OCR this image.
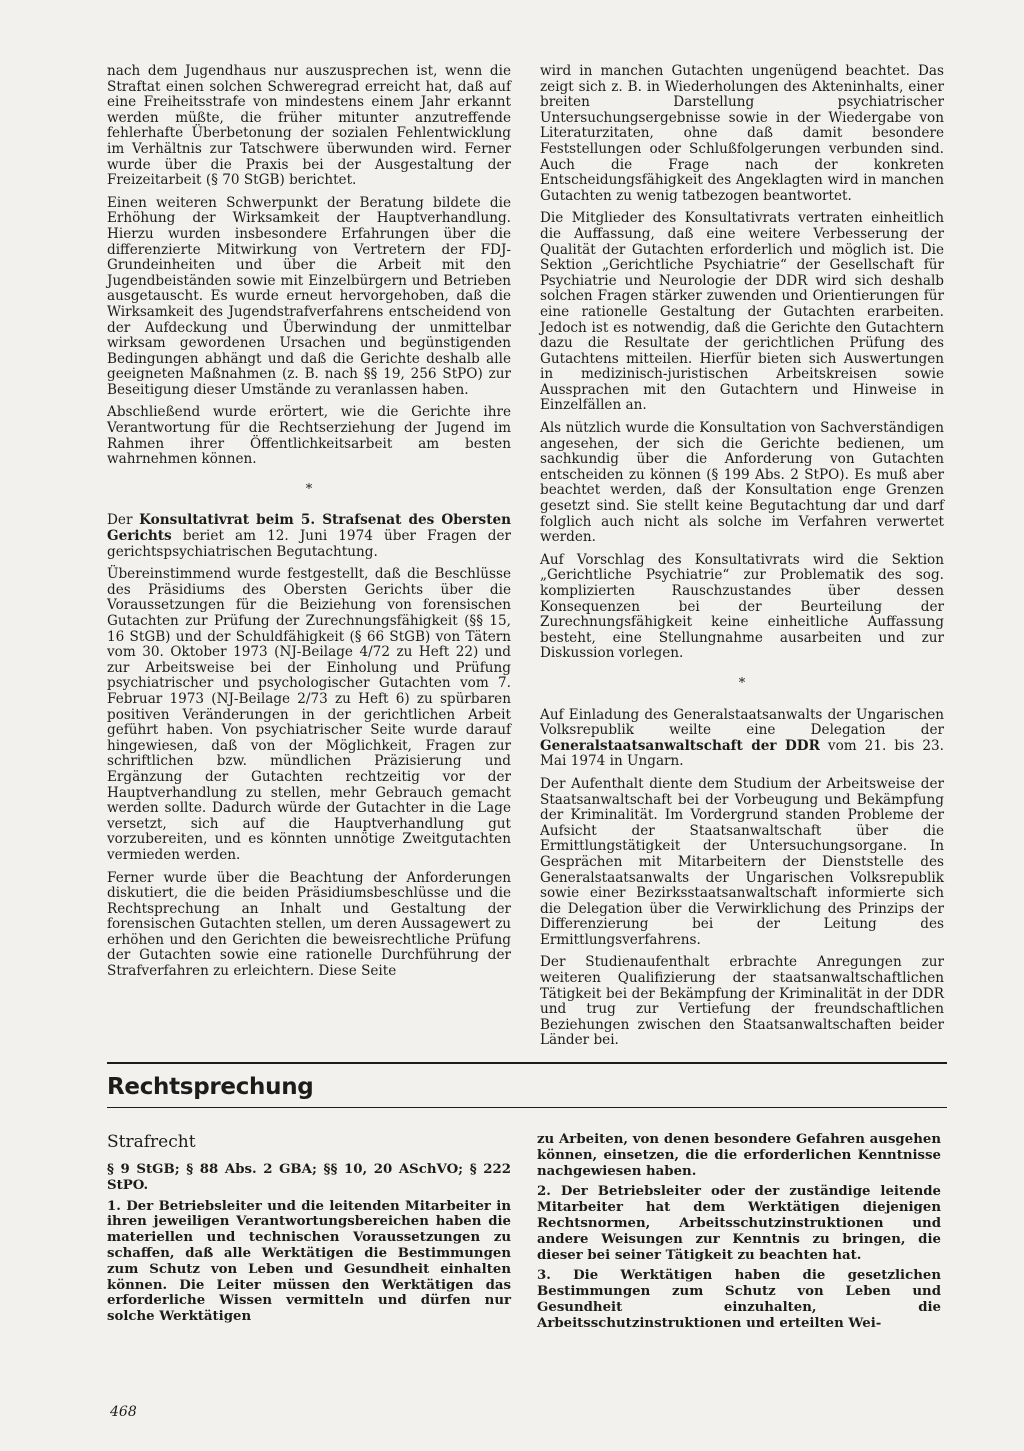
nach dem Jugendhaus nur auszusprechen ist, wenn die Straftat einen solchen Schweregrad erreicht hat, daß auf eine Freiheitsstrafe von mindestens einem Jahr erkannt werden müßte, die früher mitunter anzutreffende fehlerhafte Überbetonung der sozialen Fehlentwicklung im Verhältnis zur Tatschwere überwunden wird. Ferner wurde über die Praxis bei der Ausgestaltung der Freizeitarbeit (§ 70 StGB) berichtet.

Einen weiteren Schwerpunkt der Beratung bildete die Erhöhung der Wirksamkeit der Hauptverhandlung. Hierzu wurden insbesondere Erfahrungen über die differenzierte Mitwirkung von Vertretern der FDJ-Grundeinheiten und über die Arbeit mit den Jugendbeiständen sowie mit Einzelbürgern und Betrieben ausgetauscht. Es wurde erneut hervorgehoben, daß die Wirksamkeit des Jugendstrafverfahrens entscheidend von der Aufdeckung und Überwindung der unmittelbar wirksam gewordenen Ursachen und begünstigenden Bedingungen abhängt und daß die Gerichte deshalb alle geeigneten Maßnahmen (z. B. nach §§ 19, 256 StPO) zur Beseitigung dieser Umstände zu veranlassen haben.

Abschließend wurde erörtert, wie die Gerichte ihre Verantwortung für die Rechtserziehung der Jugend im Rahmen ihrer Öffentlichkeitsarbeit am besten wahrnehmen können.

*

Der Konsultativrat beim 5. Strafsenat des Obersten Gerichts beriet am 12. Juni 1974 über Fragen der gerichtspsychiatrischen Begutachtung.

Übereinstimmend wurde festgestellt, daß die Beschlüsse des Präsidiums des Obersten Gerichts über die Voraussetzungen für die Beiziehung von forensischen Gutachten zur Prüfung der Zurechnungsfähigkeit (§§ 15, 16 StGB) und der Schuldfähigkeit (§ 66 StGB) von Tätern vom 30. Oktober 1973 (NJ-Beilage 4/72 zu Heft 22) und zur Arbeitsweise bei der Einholung und Prüfung psychiatrischer und psychologischer Gutachten vom 7. Februar 1973 (NJ-Beilage 2/73 zu Heft 6) zu spürbaren positiven Veränderungen in der gerichtlichen Arbeit geführt haben. Von psychiatrischer Seite wurde darauf hingewiesen, daß von der Möglichkeit, Fragen zur schriftlichen bzw. mündlichen Präzisierung und Ergänzung der Gutachten rechtzeitig vor der Hauptverhandlung zu stellen, mehr Gebrauch gemacht werden sollte. Dadurch würde der Gutachter in die Lage versetzt, sich auf die Hauptverhandlung gut vorzubereiten, und es könnten unnötige Zweitgutachten vermieden werden.

Ferner wurde über die Beachtung der Anforderungen diskutiert, die die beiden Präsidiumsbeschlüsse und die Rechtsprechung an Inhalt und Gestaltung der forensischen Gutachten stellen, um deren Aussagewert zu erhöhen und den Gerichten die beweisrechtliche Prüfung der Gutachten sowie eine rationelle Durchführung der Strafverfahren zu erleichtern. Diese Seite

wird in manchen Gutachten ungenügend beachtet. Das zeigt sich z. B. in Wiederholungen des Akteninhalts, einer breiten Darstellung psychiatrischer Untersuchungsergebnisse sowie in der Wiedergabe von Literaturzitaten, ohne daß damit besondere Feststellungen oder Schlußfolgerungen verbunden sind. Auch die Frage nach der konkreten Entscheidungsfähigkeit des Angeklagten wird in manchen Gutachten zu wenig tatbezogen beantwortet.

Die Mitglieder des Konsultativrats vertraten einheitlich die Auffassung, daß eine weitere Verbesserung der Qualität der Gutachten erforderlich und möglich ist. Die Sektion „Gerichtliche Psychiatrie“ der Gesellschaft für Psychiatrie und Neurologie der DDR wird sich deshalb solchen Fragen stärker zuwenden und Orientierungen für eine rationelle Gestaltung der Gutachten erarbeiten. Jedoch ist es notwendig, daß die Gerichte den Gutachtern dazu die Resultate der gerichtlichen Prüfung des Gutachtens mitteilen. Hierfür bieten sich Auswertungen in medizinisch-juristischen Arbeitskreisen sowie Aussprachen mit den Gutachtern und Hinweise in Einzelfällen an.

Als nützlich wurde die Konsultation von Sachverständigen angesehen, der sich die Gerichte bedienen, um sachkundig über die Anforderung von Gutachten entscheiden zu können (§ 199 Abs. 2 StPO). Es muß aber beachtet werden, daß der Konsultation enge Grenzen gesetzt sind. Sie stellt keine Begutachtung dar und darf folglich auch nicht als solche im Verfahren verwertet werden.

Auf Vorschlag des Konsultativrats wird die Sektion „Gerichtliche Psychiatrie“ zur Problematik des sog. komplizierten Rauschzustandes über dessen Konsequenzen bei der Beurteilung der Zurechnungsfähigkeit keine einheitliche Auffassung besteht, eine Stellungnahme ausarbeiten und zur Diskussion vorlegen.

*

Auf Einladung des Generalstaatsanwalts der Ungarischen Volksrepublik weilte eine Delegation der Generalstaatsanwaltschaft der DDR vom 21. bis 23. Mai 1974 in Ungarn.

Der Aufenthalt diente dem Studium der Arbeitsweise der Staatsanwaltschaft bei der Vorbeugung und Bekämpfung der Kriminalität. Im Vordergrund standen Probleme der Aufsicht der Staatsanwaltschaft über die Ermittlungstätigkeit der Untersuchungsorgane. In Gesprächen mit Mitarbeitern der Dienststelle des Generalstaatsanwalts der Ungarischen Volksrepublik sowie einer Bezirksstaatsanwaltschaft informierte sich die Delegation über die Verwirklichung des Prinzips der Differenzierung bei der Leitung des Ermittlungsverfahrens.

Der Studienaufenthalt erbrachte Anregungen zur weiteren Qualifizierung der staatsanwaltschaftlichen Tätigkeit bei der Bekämpfung der Kriminalität in der DDR und trug zur Vertiefung der freundschaftlichen Beziehungen zwischen den Staatsanwaltschaften beider Länder bei.

Rechtsprechung
Strafrecht

§ 9 StGB; § 88 Abs. 2 GBA; §§ 10, 20 ASchVO; § 222 StPO.

1. Der Betriebsleiter und die leitenden Mitarbeiter in ihren jeweiligen Verantwortungsbereichen haben die materiellen und technischen Voraussetzungen zu schaffen, daß alle Werktätigen die Bestimmungen zum Schutz von Leben und Gesundheit einhalten können. Die Leiter müssen den Werktätigen das erforderliche Wissen vermitteln und dürfen nur solche Werktätigen

zu Arbeiten, von denen besondere Gefahren ausgehen können, einsetzen, die die erforderlichen Kenntnisse nachgewiesen haben.

2. Der Betriebsleiter oder der zuständige leitende Mitarbeiter hat dem Werktätigen diejenigen Rechtsnormen, Arbeitsschutzinstruktionen und andere Weisungen zur Kenntnis zu bringen, die dieser bei seiner Tätigkeit zu beachten hat.

3. Die Werktätigen haben die gesetzlichen Bestimmungen zum Schutz von Leben und Gesundheit einzuhalten, die Arbeitsschutzinstruktionen und erteilten Wei-

468
